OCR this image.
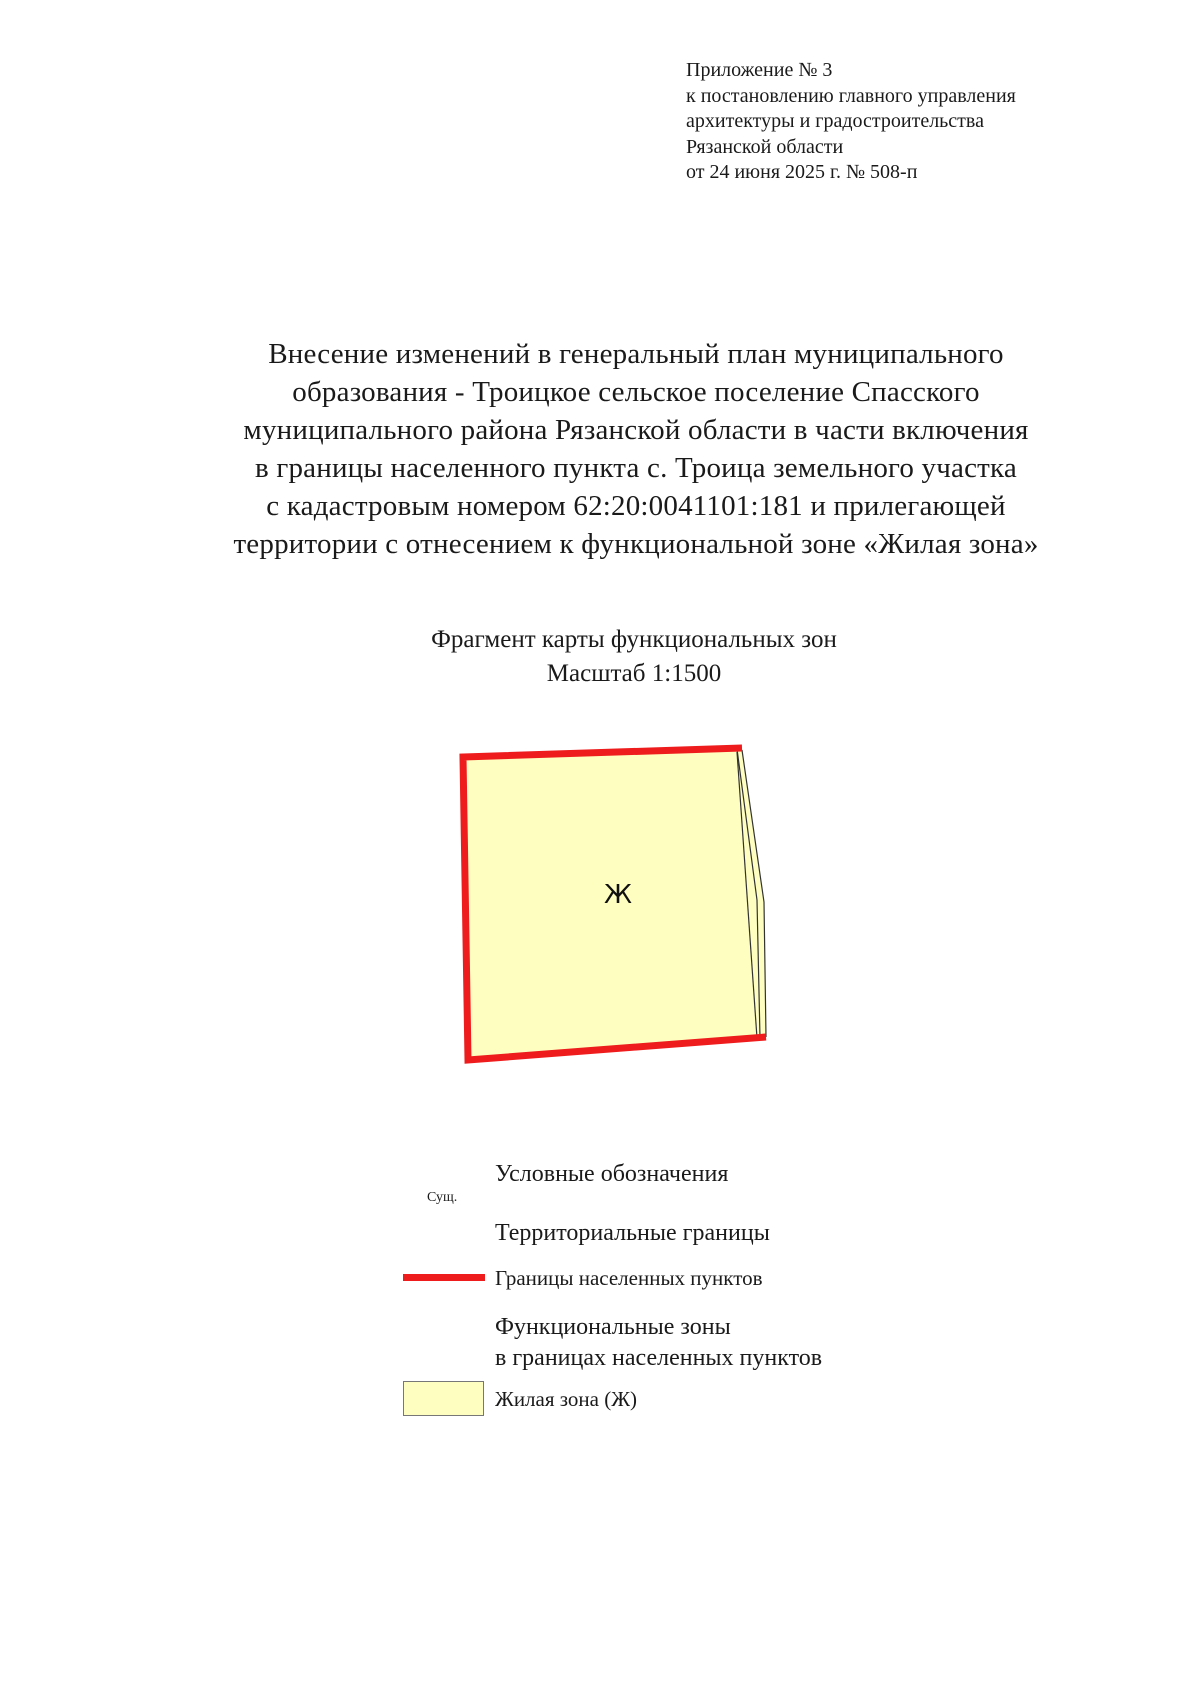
Приложение № 3
к постановлению главного управления
архитектуры и градостроительства
Рязанской области
от 24 июня 2025 г. № 508-п
Внесение изменений в генеральный план муниципального
образования - Троицкое сельское поселение Спасского
муниципального района Рязанской области в части включения
в границы населенного пункта с. Троица земельного участка
с кадастровым номером 62:20:0041101:181 и прилегающей
территории с отнесением к функциональной зоне «Жилая зона»
Фрагмент карты функциональных зон
Масштаб 1:1500
Ж
Сущ.
Условные обозначения
Территориальные границы
Границы населенных пунктов
Функциональные зоны
в границах населенных пунктов
Жилая зона (Ж)
